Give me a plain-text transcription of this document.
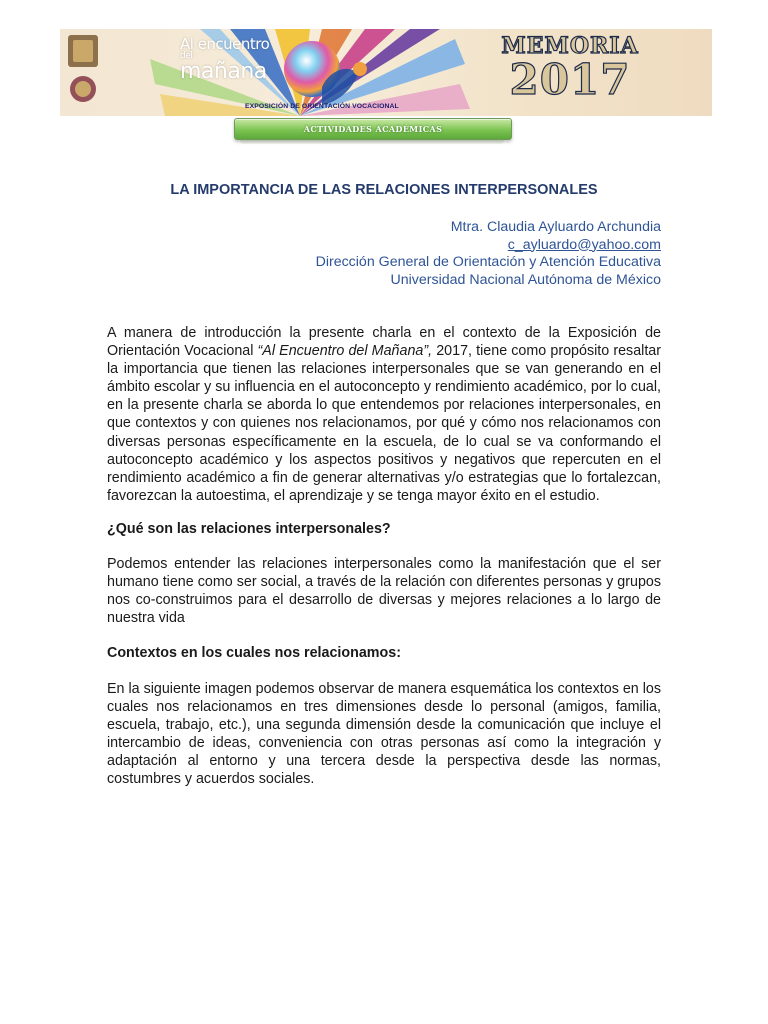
Al encuentro
del
mañana
EXPOSICIÓN DE ORIENTACIÓN VOCACIONAL
MEMORIA
2017
ACTIVIDADES ACADÉMICAS
LA IMPORTANCIA DE LAS RELACIONES INTERPERSONALES
Mtra. Claudia Ayluardo Archundia
c_ayluardo@yahoo.com
Dirección General de Orientación y Atención Educativa
Universidad Nacional Autónoma de México

A manera de introducción la presente charla en el contexto de la Exposición de Orientación Vocacional “Al Encuentro del Mañana”, 2017, tiene como propósito resaltar la importancia que tienen las relaciones interpersonales que se van generando en el ámbito escolar y su influencia en el autoconcepto y rendimiento académico, por lo cual, en la presente charla se aborda lo que entendemos por relaciones interpersonales, en que contextos y con quienes nos relacionamos, por qué y cómo nos relacionamos con diversas personas específicamente en la escuela, de lo cual se va conformando el autoconcepto académico y los aspectos positivos y negativos que repercuten en el rendimiento académico a fin de generar alternativas y/o estrategias que lo fortalezcan, favorezcan la autoestima, el aprendizaje y se tenga mayor éxito en el estudio.

¿Qué son las relaciones interpersonales?

Podemos entender las relaciones interpersonales como la manifestación que el ser humano tiene como ser social, a través de la relación con diferentes personas y grupos nos co-construimos para el desarrollo de diversas y mejores relaciones a lo largo de nuestra vida

Contextos en los cuales nos relacionamos:

En la siguiente imagen podemos observar de manera esquemática los contextos en los cuales nos relacionamos en tres dimensiones desde lo personal (amigos, familia, escuela, trabajo, etc.), una segunda dimensión desde la comunicación que incluye el intercambio de ideas, conveniencia con otras personas así como la integración y adaptación al entorno y una tercera desde la perspectiva desde las normas, costumbres y acuerdos sociales.
